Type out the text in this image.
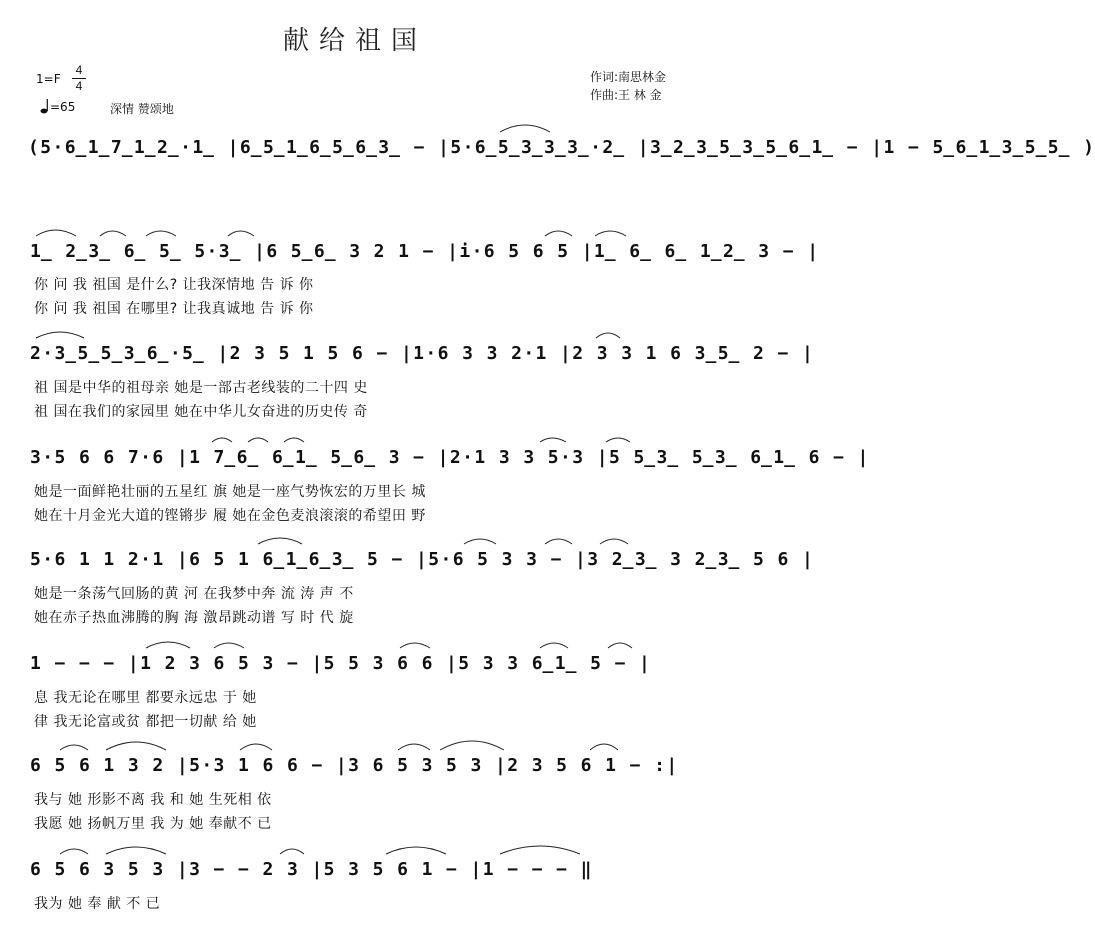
献给祖国
1=F
4
4
=65	深情 赞颂地
作词:南思林金
作曲:王 林 金
(5·6̲1̲7̲1̲2̲·1̲ |6̲5̲1̲6̲5̲6̲3̲ − |5·6̲5̲3̲3̲3̲·2̲ |3̲2̲3̲5̲3̲5̲6̲1̲ − |1 − 5̲6̲1̲3̲5̲5̲ )
1̲ 2̲3̲ 6̲ 5̲ 5·3̲ |6 5̲6̲ 3 2 1 − |i·6 5 6 5 |1̲ 6̲ 6̲ 1̲2̲ 3 − |
你 问 我 祖国 是什么? 让我深情地 告 诉 你
你 问 我 祖国 在哪里? 让我真诚地 告 诉 你
2·3̲5̲5̲3̲6̲·5̲ |2 3 5 1 5 6 − |1·6 3 3 2·1 |2 3 3 1 6 3̲5̲ 2 − |
祖 国是中华的祖母亲 她是一部古老线装的二十四 史
祖 国在我们的家园里 她在中华儿女奋进的历史传 奇
3·5 6 6 7·6 |1 7̲6̲ 6̲1̲ 5̲6̲ 3 − |2·1 3 3 5·3 |5 5̲3̲ 5̲3̲ 6̲1̲ 6 − |
她是一面鲜艳壮丽的五星红 旗 她是一座气势恢宏的万里长 城
她在十月金光大道的铿锵步 履 她在金色麦浪滚滚的希望田 野
5·6 1 1 2·1 |6 5 1 6̲1̲6̲3̲ 5 − |5·6 5 3 3 − |3 2̲3̲ 3 2̲3̲ 5 6 |
她是一条荡气回肠的黄 河 在我梦中奔 流 涛 声 不
她在赤子热血沸腾的胸 海 激昂跳动谱 写 时 代 旋
1 − − − |1 2 3 6 5 3 − |5 5 3 6 6 |5 3 3 6̲1̲ 5 − |
息 我无论在哪里 都要永远忠 于 她
律 我无论富或贫 都把一切献 给 她
6 5 6 1 3 2 |5·3 1 6 6 − |3 6 5 3 5 3 |2 3 5 6 1 − :|
我与 她 形影不离 我 和 她 生死相 依
我愿 她 扬帆万里 我 为 她 奉献不 已
6 5 6 3 5 3 |3 − − 2 3 |5 3 5 6 1 − |1 − − − ‖
我为 她 奉 献 不 已
